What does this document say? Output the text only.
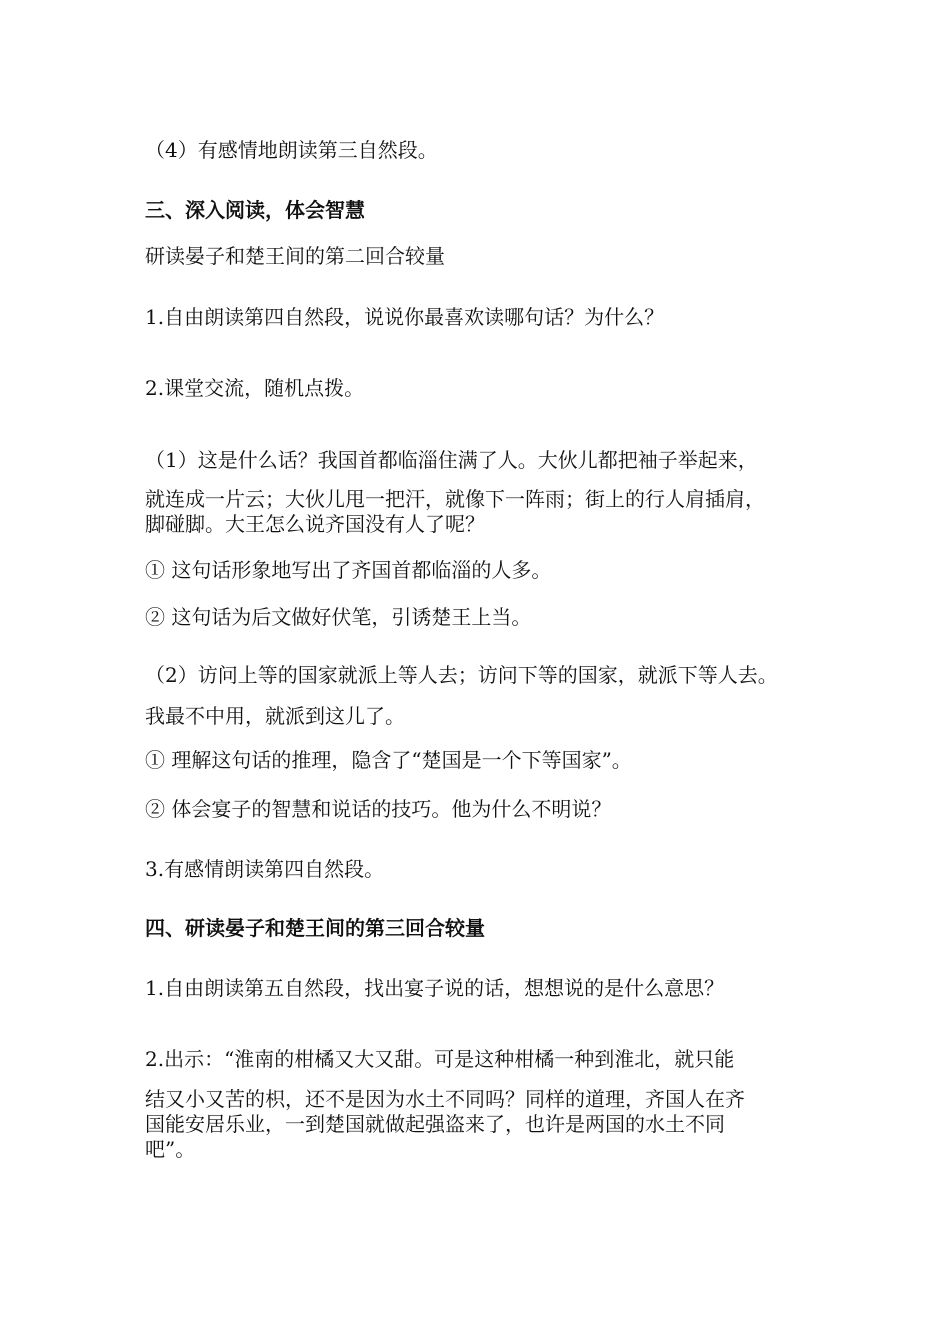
（4）有感情地朗读第三自然段。

三、深入阅读，体会智慧

研读晏子和楚王间的第二回合较量

1.自由朗读第四自然段，说说你最喜欢读哪句话？为什么？

2.课堂交流，随机点拨。

（1）这是什么话？我国首都临淄住满了人。大伙儿都把袖子举起来，

就连成一片云；大伙儿甩一把汗，就像下一阵雨；街上的行人肩插肩，

脚碰脚。大王怎么说齐国没有人了呢？

① 这句话形象地写出了齐国首都临淄的人多。

② 这句话为后文做好伏笔，引诱楚王上当。

（2）访问上等的国家就派上等人去；访问下等的国家，就派下等人去。

我最不中用，就派到这儿了。

① 理解这句话的推理，隐含了“楚国是一个下等国家”。

② 体会宴子的智慧和说话的技巧。他为什么不明说？

3.有感情朗读第四自然段。

四、研读晏子和楚王间的第三回合较量

1.自由朗读第五自然段，找出宴子说的话，想想说的是什么意思？

2.出示：“淮南的柑橘又大又甜。可是这种柑橘一种到淮北，就只能

结又小又苦的枳，还不是因为水土不同吗？同样的道理，齐国人在齐

国能安居乐业，一到楚国就做起强盗来了，也许是两国的水土不同

吧”。
